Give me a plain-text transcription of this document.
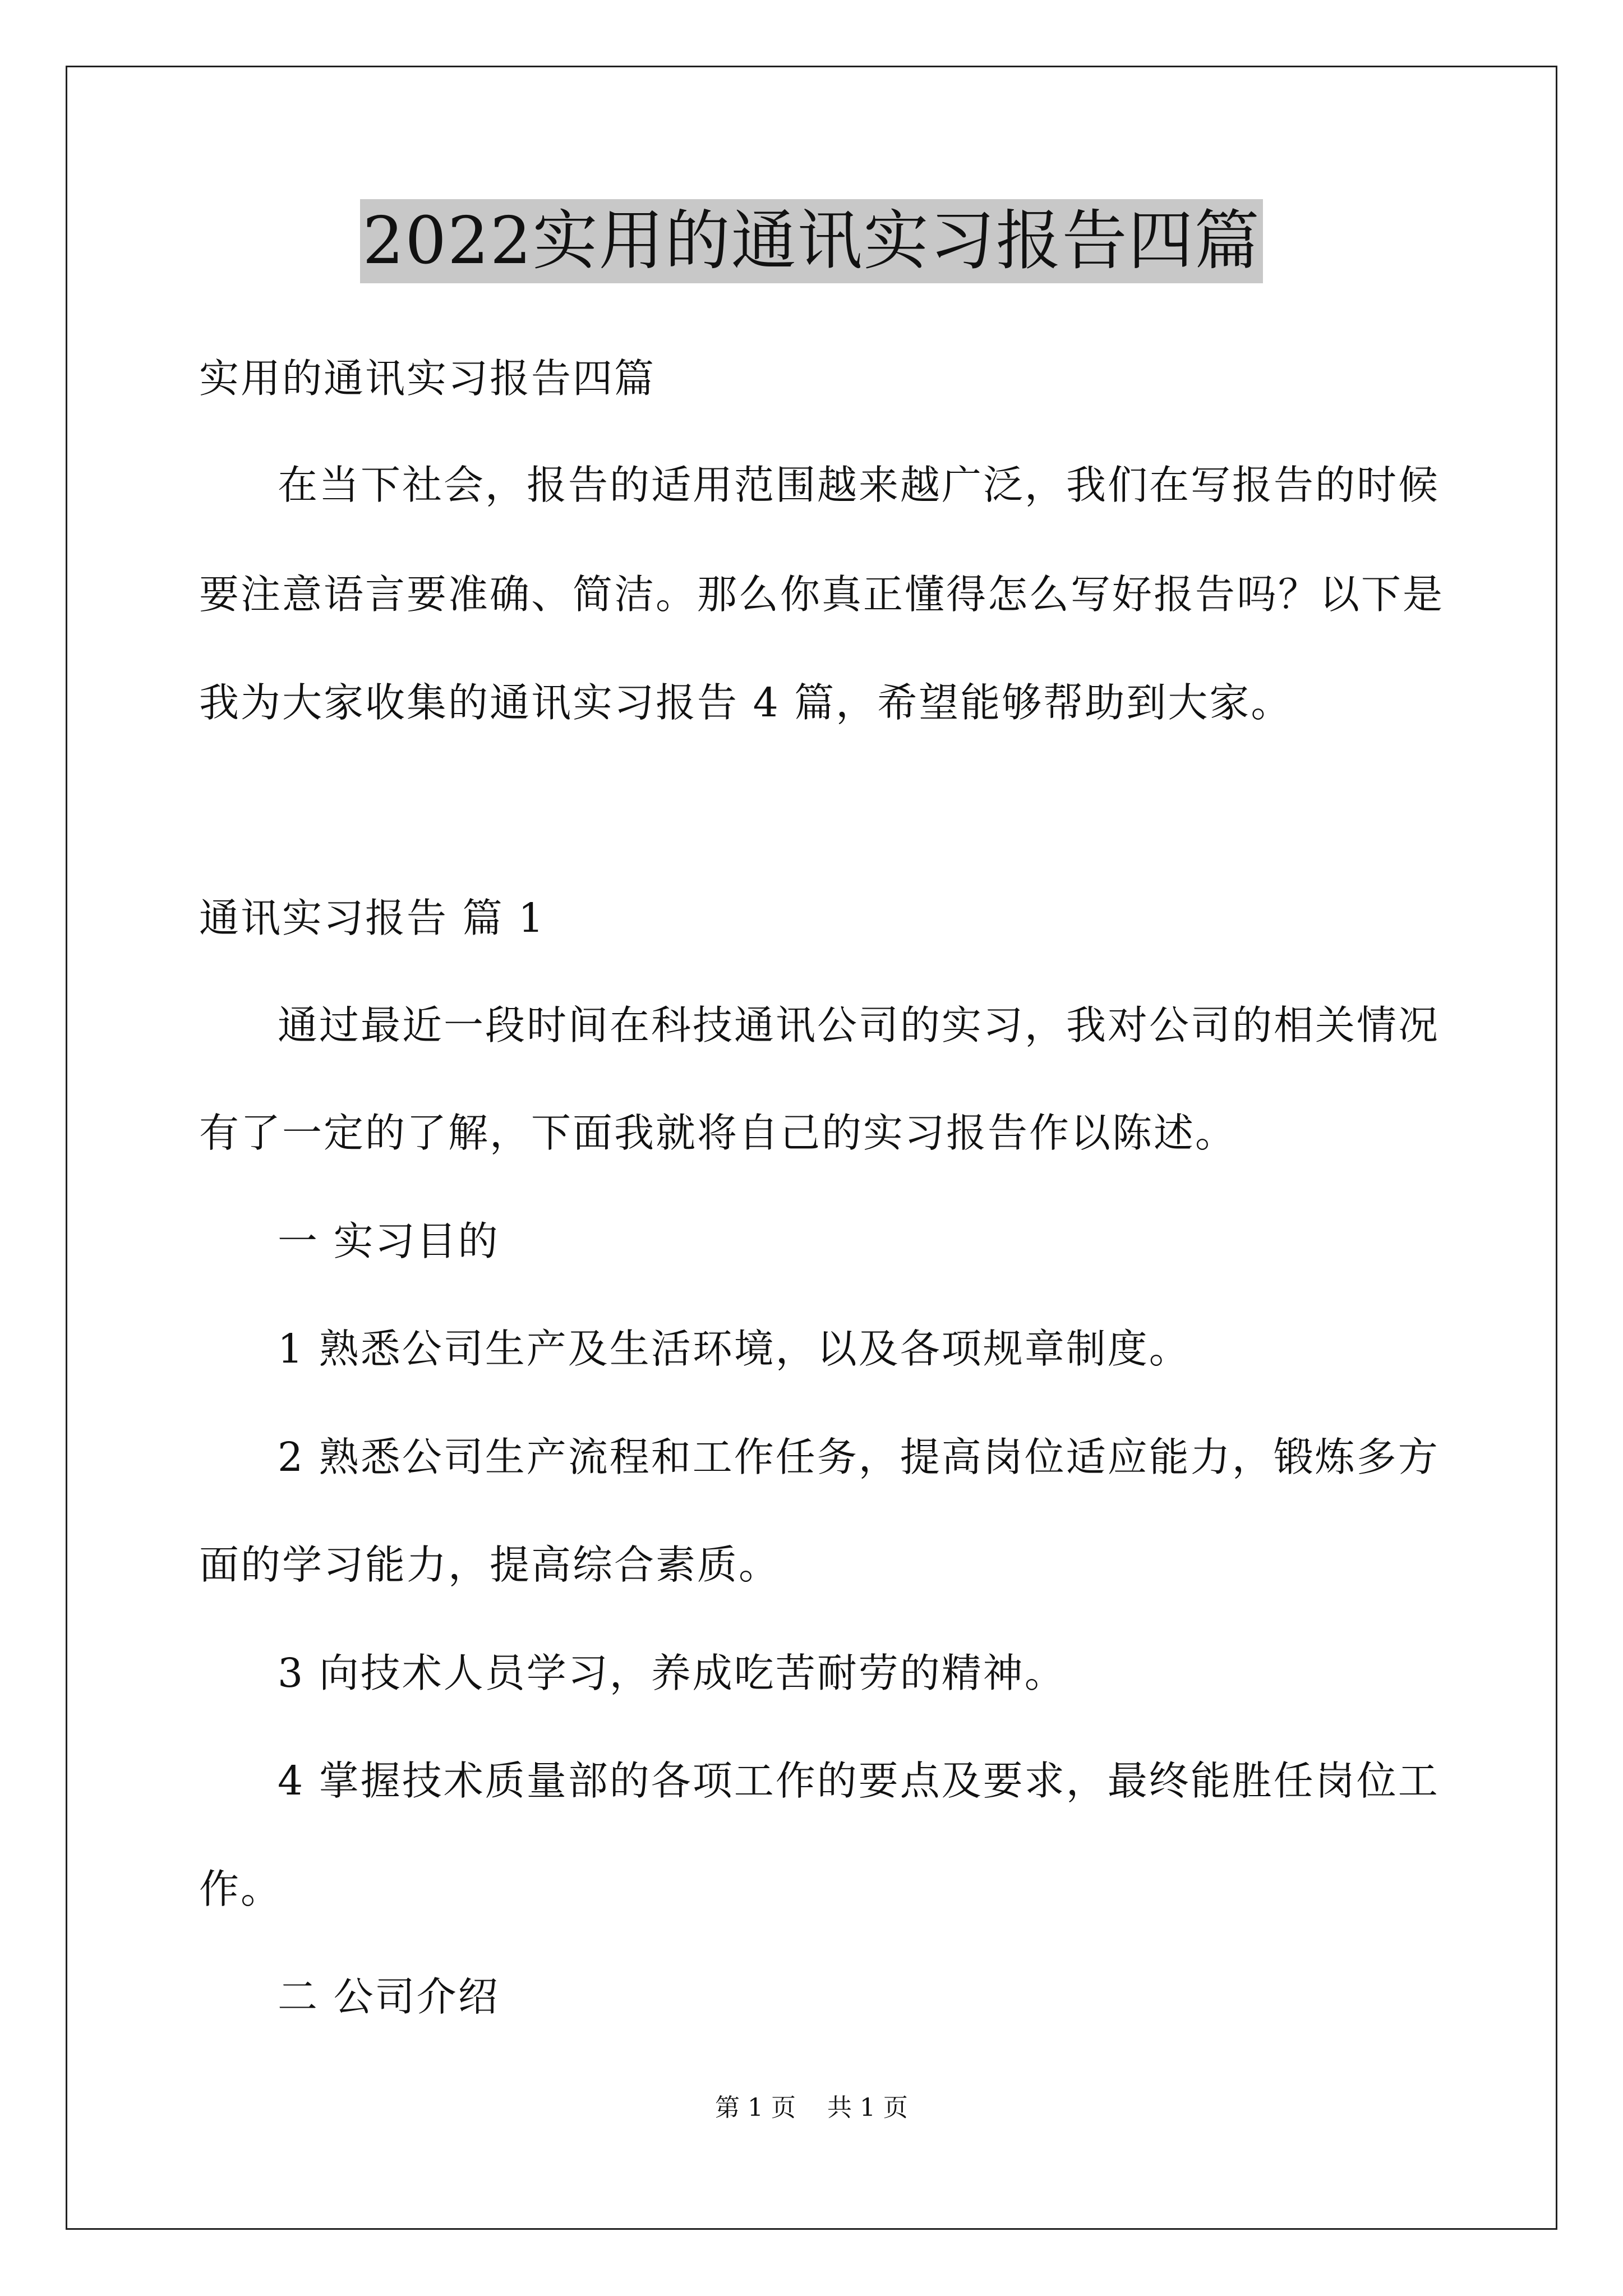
2022实用的通讯实习报告四篇
实用的通讯实习报告四篇
在当下社会，报告的适用范围越来越广泛，我们在写报告的时候
要注意语言要准确、简洁。那么你真正懂得怎么写好报告吗？以下是
我为大家收集的通讯实习报告 4 篇，希望能够帮助到大家。
通讯实习报告 篇 1
通过最近一段时间在科技通讯公司的实习，我对公司的相关情况
有了一定的了解，下面我就将自己的实习报告作以陈述。
一 实习目的
1 熟悉公司生产及生活环境，以及各项规章制度。
2 熟悉公司生产流程和工作任务，提高岗位适应能力，锻炼多方
面的学习能力，提高综合素质。
3 向技术人员学习，养成吃苦耐劳的精神。
4 掌握技术质量部的各项工作的要点及要求，最终能胜任岗位工
作。
二 公司介绍
第 1 页    共 1 页
